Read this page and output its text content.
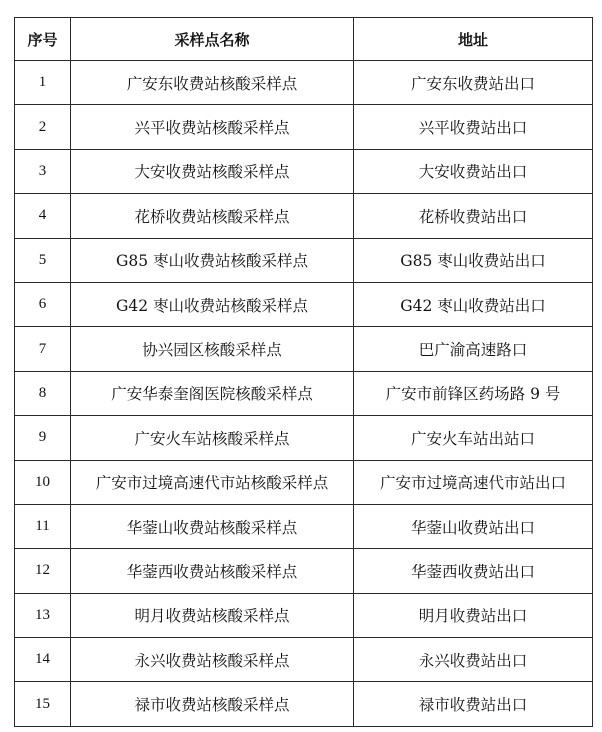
序号	采样点名称	地址
1	广安东收费站核酸采样点	广安东收费站出口
2	兴平收费站核酸采样点	兴平收费站出口
3	大安收费站核酸采样点	大安收费站出口
4	花桥收费站核酸采样点	花桥收费站出口
5	G85 枣山收费站核酸采样点	G85 枣山收费站出口
6	G42 枣山收费站核酸采样点	G42 枣山收费站出口
7	协兴园区核酸采样点	巴广渝高速路口
8	广安华泰奎阁医院核酸采样点	广安市前锋区药场路 9 号
9	广安火车站核酸采样点	广安火车站出站口
10	广安市过境高速代市站核酸采样点	广安市过境高速代市站出口
11	华蓥山收费站核酸采样点	华蓥山收费站出口
12	华蓥西收费站核酸采样点	华蓥西收费站出口
13	明月收费站核酸采样点	明月收费站出口
14	永兴收费站核酸采样点	永兴收费站出口
15	禄市收费站核酸采样点	禄市收费站出口
